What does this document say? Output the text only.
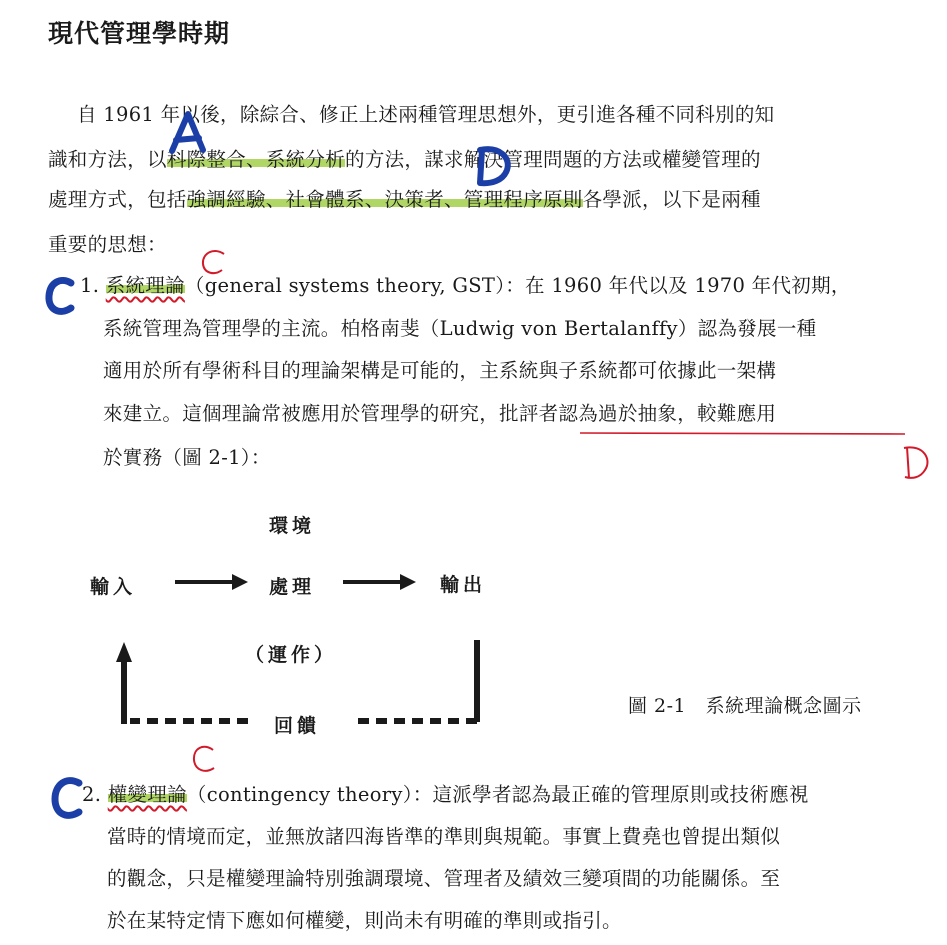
現代管理學時期
自 1961 年以後，除綜合、修正上述兩種管理思想外，更引進各種不同科別的知
識和方法，以科際整合、系統分析的方法，謀求解決管理問題的方法或權變管理的
處理方式，包括強調經驗、社會體系、決策者、管理程序原則各學派，以下是兩種
重要的思想：
1. 系統理論（general systems theory, GST）：在 1960 年代以及 1970 年代初期，
系統管理為管理學的主流。柏格南斐（Ludwig von Bertalanffy）認為發展一種
適用於所有學術科目的理論架構是可能的，主系統與子系統都可依據此一架構
來建立。這個理論常被應用於管理學的研究，批評者認為過於抽象，較難應用
於實務（圖 2-1）：
環境
輸入	處理	輸出
（運作）
回饋
圖 2-1　系統理論概念圖示
2. 權變理論（contingency theory）：這派學者認為最正確的管理原則或技術應視
當時的情境而定，並無放諸四海皆準的準則與規範。事實上費堯也曾提出類似
的觀念，只是權變理論特別強調環境、管理者及績效三變項間的功能關係。至
於在某特定情下應如何權變，則尚未有明確的準則或指引。
